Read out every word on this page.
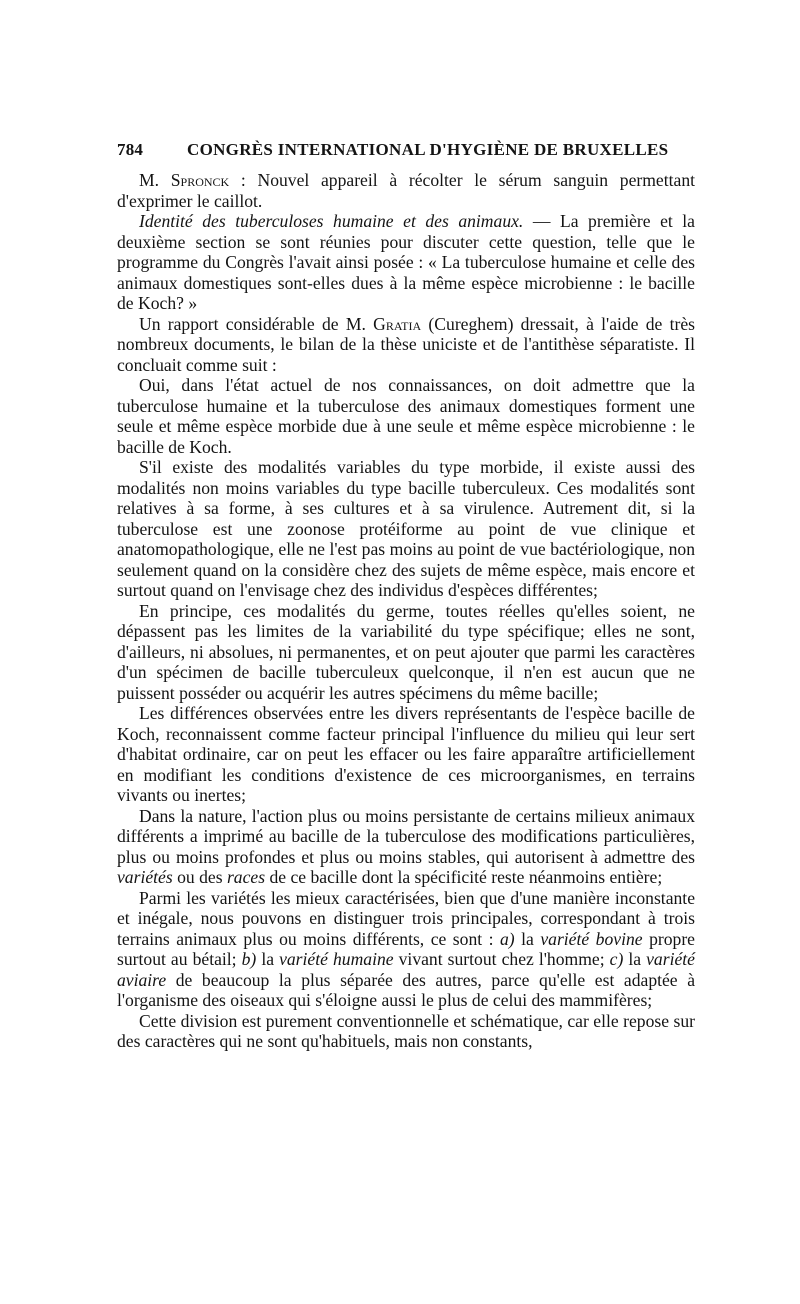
784	CONGRÈS INTERNATIONAL D'HYGIÈNE DE BRUXELLES

M. Spronck : Nouvel appareil à récolter le sérum sanguin permettant d'exprimer le caillot.

Identité des tuberculoses humaine et des animaux. — La première et la deuxième section se sont réunies pour discuter cette question, telle que le programme du Congrès l'avait ainsi posée : « La tuberculose humaine et celle des animaux domestiques sont-elles dues à la même espèce microbienne : le bacille de Koch? »

Un rapport considérable de M. Gratia (Cureghem) dressait, à l'aide de très nombreux documents, le bilan de la thèse uniciste et de l'antithèse séparatiste. Il concluait comme suit :

Oui, dans l'état actuel de nos connaissances, on doit admettre que la tuberculose humaine et la tuberculose des animaux domestiques forment une seule et même espèce morbide due à une seule et même espèce microbienne : le bacille de Koch.

S'il existe des modalités variables du type morbide, il existe aussi des modalités non moins variables du type bacille tuberculeux. Ces modalités sont relatives à sa forme, à ses cultures et à sa virulence. Autrement dit, si la tuberculose est une zoonose protéiforme au point de vue clinique et anatomopathologique, elle ne l'est pas moins au point de vue bactériologique, non seulement quand on la considère chez des sujets de même espèce, mais encore et surtout quand on l'envisage chez des individus d'espèces différentes;

En principe, ces modalités du germe, toutes réelles qu'elles soient, ne dépassent pas les limites de la variabilité du type spécifique; elles ne sont, d'ailleurs, ni absolues, ni permanentes, et on peut ajouter que parmi les caractères d'un spécimen de bacille tuberculeux quelconque, il n'en est aucun que ne puissent posséder ou acquérir les autres spécimens du même bacille;

Les différences observées entre les divers représentants de l'espèce bacille de Koch, reconnaissent comme facteur principal l'influence du milieu qui leur sert d'habitat ordinaire, car on peut les effacer ou les faire apparaître artificiellement en modifiant les conditions d'existence de ces microorganismes, en terrains vivants ou inertes;

Dans la nature, l'action plus ou moins persistante de certains milieux animaux différents a imprimé au bacille de la tuberculose des modifications particulières, plus ou moins profondes et plus ou moins stables, qui autorisent à admettre des variétés ou des races de ce bacille dont la spécificité reste néanmoins entière;

Parmi les variétés les mieux caractérisées, bien que d'une manière inconstante et inégale, nous pouvons en distinguer trois principales, correspondant à trois terrains animaux plus ou moins différents, ce sont : a) la variété bovine propre surtout au bétail; b) la variété humaine vivant surtout chez l'homme; c) la variété aviaire de beaucoup la plus séparée des autres, parce qu'elle est adaptée à l'organisme des oiseaux qui s'éloigne aussi le plus de celui des mammifères;

Cette division est purement conventionnelle et schématique, car elle repose sur des caractères qui ne sont qu'habituels, mais non constants,
